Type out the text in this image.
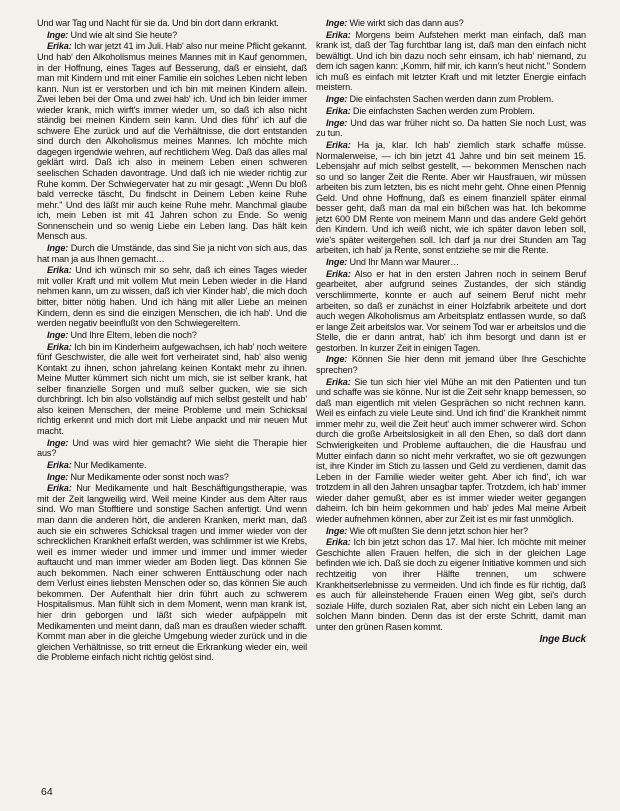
Und war Tag und Nacht für sie da. Und bin dort dann erkrankt.

Inge: Und wie alt sind Sie heute?

Erika: Ich war jetzt 41 im Juli. Hab' also nur meine Pflicht gekannt. Und hab' den Alkoholismus meines Mannes mit in Kauf genommen, in der Hoffnung, eines Tages auf Besserung, daß er einsieht, daß man mit Kindern und mit einer Familie ein solches Leben nicht leben kann. Nun ist er verstorben und ich bin mit meinen Kindern allein. Zwei leben bei der Oma und zwei hab' ich. Und ich bin leider immer wieder krank, mich wirft's immer wieder um, so daß ich also nicht ständig bei meinen Kindern sein kann. Und dies führ' ich auf die schwere Ehe zurück und auf die Verhältnisse, die dort entstanden sind durch den Alkoholismus meines Mannes. Ich möchte mich dagegen irgendwie wehren, auf rechtlichem Weg. Daß das alles mal geklärt wird. Daß ich also in meinem Leben einen schweren seelischen Schaden davontrage. Und daß ich nie wieder richtig zur Ruhe komm. Der Schwiegervater hat zu mir gesagt: „Wenn Du bloß bald verrecke täscht, Du findscht in Deinem Leben keine Ruhe mehr." Und des läßt mir auch keine Ruhe mehr. Manchmal glaube ich, mein Leben ist mit 41 Jahren schon zu Ende. So wenig Sonnenschein und so wenig Liebe ein Leben lang. Das hält kein Mensch aus.

Inge: Durch die Umstände, das sind Sie ja nicht von sich aus, das hat man ja aus Ihnen gemacht…

Erika: Und ich wünsch mir so sehr, daß ich eines Tages wieder mit voller Kraft und mit vollem Mut mein Leben wieder in die Hand nehmen kann, um zu wissen, daß ich vier Kinder hab', die mich doch bitter, bitter nötig haben. Und ich häng mit aller Liebe an meinen Kindern, denn es sind die einzigen Menschen, die ich hab'. Und die werden negativ beeinflußt von den Schwiegereltern.

Inge: Und Ihre Eltern, leben die noch?

Erika: Ich bin im Kinderheim aufgewachsen, ich hab' noch weitere fünf Geschwister, die alle weit fort verheiratet sind, hab' also wenig Kontakt zu ihnen, schon jahrelang keinen Kontakt mehr zu ihnen. Meine Mutter kümmert sich nicht um mich, sie ist selber krank, hat selber finanzielle Sorgen und muß selber gucken, wie sie sich durchbringt. Ich bin also vollständig auf mich selbst gestellt und hab' also keinen Menschen, der meine Probleme und mein Schicksal richtig erkennt und mich dort mit Liebe anpackt und mir neuen Mut macht.

Inge: Und was wird hier gemacht? Wie sieht die Therapie hier aus?

Erika: Nur Medikamente.

Inge: Nur Medikamente oder sonst noch was?

Erika: Nur Medikamente und halt Beschäftigungstherapie, was mit der Zeit langweilig wird. Weil meine Kinder aus dem Alter raus sind. Wo man Stofftiere und sonstige Sachen anfertigt. Und wenn man dann die anderen hört, die anderen Kranken, merkt man, daß auch sie ein schweres Schicksal tragen und immer wieder von der schrecklichen Krankheit erfaßt werden, was schlimmer ist wie Krebs, weil es immer wieder und immer und immer und immer wieder auftaucht und man immer wieder am Boden liegt. Das können Sie auch bekommen. Nach einer schweren Enttäuschung oder nach dem Verlust eines liebsten Menschen oder so, das können Sie auch bekommen. Der Aufenthalt hier drin führt auch zu schwerem Hospitalismus. Man fühlt sich in dem Moment, wenn man krank ist, hier drin geborgen und läßt sich wieder aufpäppeln mit Medikamenten und meint dann, daß man es draußen wieder schafft. Kommt man aber in die gleiche Umgebung wieder zurück und in die gleichen Verhältnisse, so tritt erneut die Erkrankung wieder ein, weil die Probleme einfach nicht richtig gelöst sind.

Inge: Wie wirkt sich das dann aus?

Erika: Morgens beim Aufstehen merkt man einfach, daß man krank ist, daß der Tag furchtbar lang ist, daß man den einfach nicht bewältigt. Und ich bin dazu noch sehr einsam, ich hab' niemand, zu dem ich sagen kann: „Komm, hilf mir, ich kann's heut nicht." Sondern ich muß es einfach mit letzter Kraft und mit letzter Energie einfach meistern.

Inge: Die einfachsten Sachen werden dann zum Problem.

Erika: Die einfachsten Sachen werden zum Problem.

Inge: Und das war früher nicht so. Da hatten Sie noch Lust, was zu tun.

Erika: Ha ja, klar. Ich hab' ziemlich stark schaffe müsse. Normalerweise, — ich bin jetzt 41 Jahre und bin seit meinem 15. Lebensjahr auf mich selbst gestellt, — bekommen Menschen nach so und so langer Zeit die Rente. Aber wir Hausfrauen, wir müssen arbeiten bis zum letzten, bis es nicht mehr geht. Ohne einen Pfennig Geld. Und ohne Hoffnung, daß es einem finanziell später einmal besser geht, daß man da mal ein bißchen was hat. Ich bekomme jetzt 600 DM Rente von meinem Mann und das andere Geld gehört den Kindern. Und ich weiß nicht, wie ich später davon leben soll, wie's später weitergehen soll. Ich darf ja nur drei Stunden am Tag arbeiten, ich hab' ja Rente, sonst entziehe se mir die Rente.

Inge: Und Ihr Mann war Maurer…

Erika: Also er hat in den ersten Jahren noch in seinem Beruf gearbeitet, aber aufgrund seines Zustandes, der sich ständig verschlimmerte, konnte er auch auf seinem Beruf nicht mehr arbeiten, so daß er zunächst in einer Holzfabrik arbeitete und dort auch wegen Alkoholismus am Arbeitsplatz entlassen wurde, so daß er lange Zeit arbeitslos war. Vor seinem Tod war er arbeitslos und die Stelle, die er dann antrat, hab' ich ihm besorgt und dann ist er gestorben. In kurzer Zeit in einigen Tagen.

Inge: Können Sie hier denn mit jemand über Ihre Geschichte sprechen?

Erika: Sie tun sich hier viel Mühe an mit den Patienten und tun und schaffe was sie könne. Nur ist die Zeit sehr knapp bemessen, so daß man eigentlich mit vielen Gesprächen so nicht rechnen kann. Weil es einfach zu viele Leute sind. Und ich find' die Krankheit nimmt immer mehr zu, weil die Zeit heut' auch immer schwerer wird. Schon durch die große Arbeitslosigkeit in all den Ehen, so daß dort dann Schwierigkeiten und Probleme auftauchen, die die Hausfrau und Mutter einfach dann so nicht mehr verkraftet, wo sie oft gezwungen ist, ihre Kinder im Stich zu lassen und Geld zu verdienen, damit das Leben in der Familie wieder weiter geht. Aber ich find', ich war trotzdem in all den Jahren unsagbar tapfer. Trotzdem, ich hab' immer wieder daher gemußt, aber es ist immer wieder weiter gegangen daheim. Ich bin heim gekommen und hab' jedes Mal meine Arbeit wieder aufnehmen können, aber zur Zeit ist es mir fast unmöglich.

Inge: Wie oft mußten Sie denn jetzt schon hier her?

Erika: Ich bin jetzt schon das 17. Mal hier. Ich möchte mit meiner Geschichte allen Frauen helfen, die sich in der gleichen Lage befinden wie ich. Daß sie doch zu eigener Initiative kommen und sich rechtzeitig von ihrer Hälfte trennen, um schwere Krankheitserlebnisse zu vermeiden. Und ich finde es für richtig, daß es auch für alleinstehende Frauen einen Weg gibt, sei's durch soziale Hilfe, durch sozialen Rat, aber sich nicht ein Leben lang an solchen Mann binden. Denn das ist der erste Schritt, damit man unter den grünen Rasen kommt.

Inge Buck

64
